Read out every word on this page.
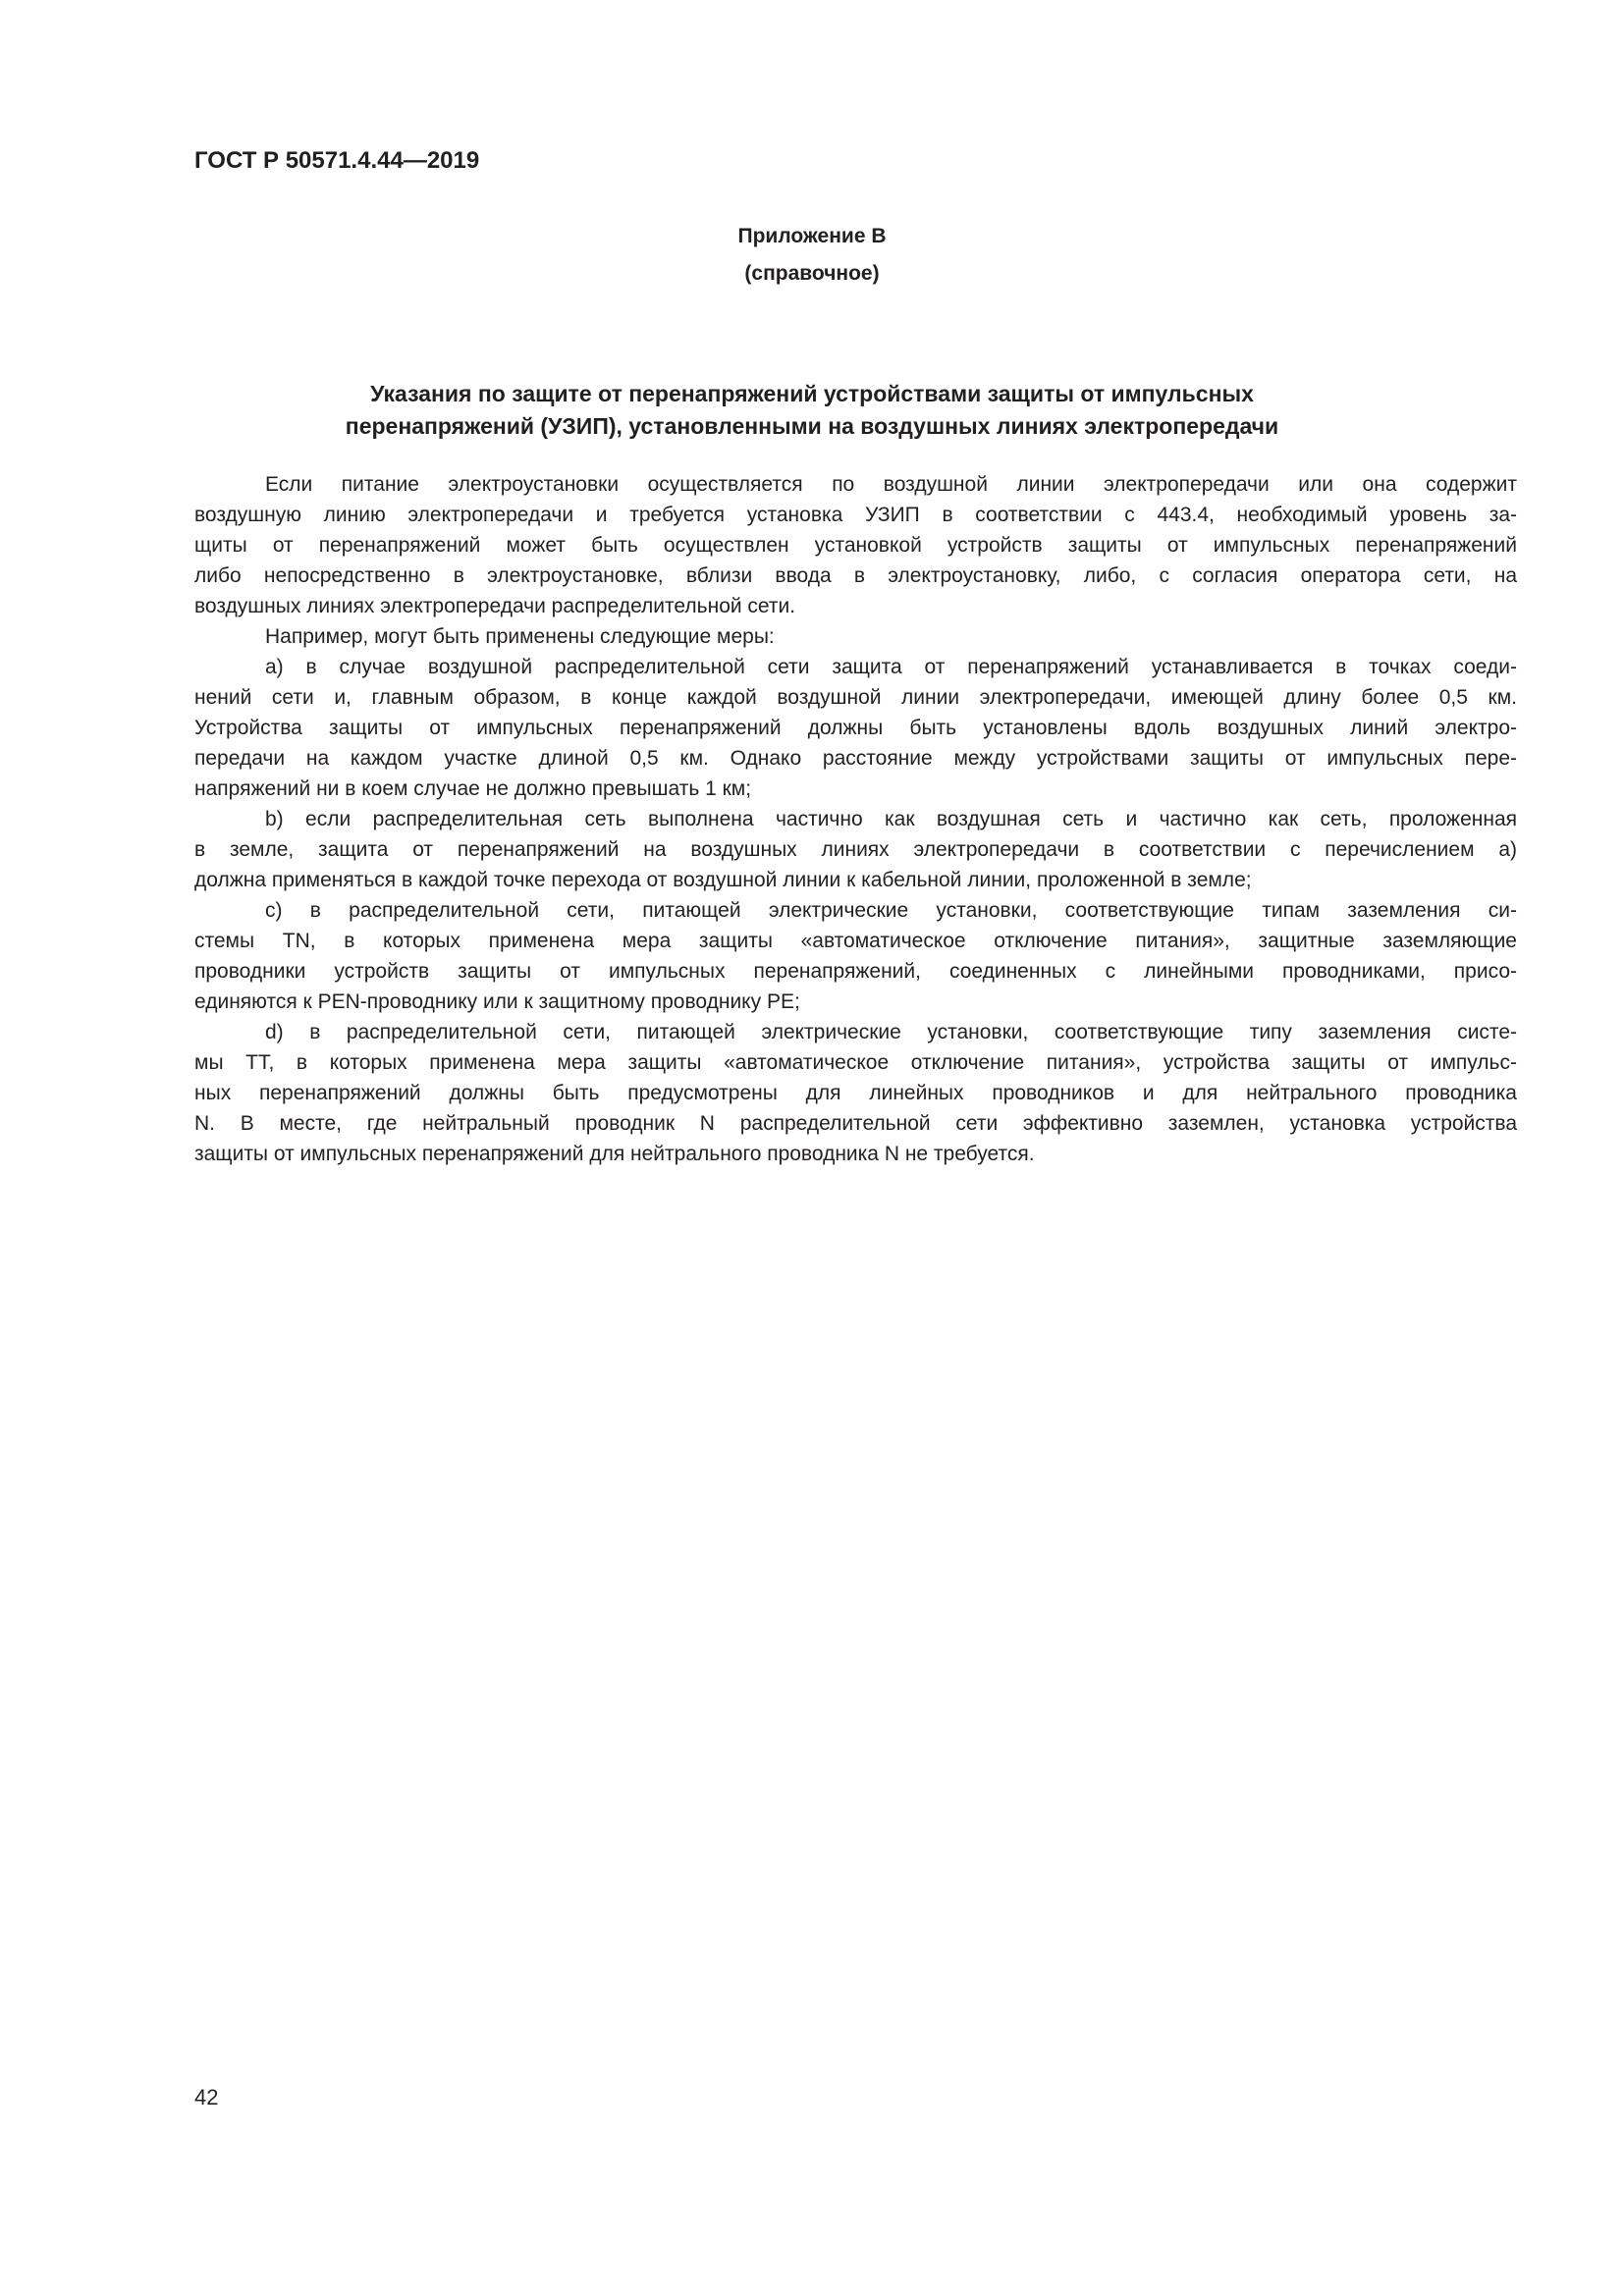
ГОСТ Р 50571.4.44—2019
Приложение В
(справочное)
Указания по защите от перенапряжений устройствами защиты от импульсных
перенапряжений (УЗИП), установленными на воздушных линиях электропередачи
Если питание электроустановки осуществляется по воздушной линии электропередачи или она содержит
воздушную линию электропередачи и требуется установка УЗИП в соответствии с 443.4, необходимый уровень за-
щиты от перенапряжений может быть осуществлен установкой устройств защиты от импульсных перенапряжений
либо непосредственно в электроустановке, вблизи ввода в электроустановку, либо, с согласия оператора сети, на
воздушных линиях электропередачи распределительной сети.
Например, могут быть применены следующие меры:
a) в случае воздушной распределительной сети защита от перенапряжений устанавливается в точках соеди-
нений сети и, главным образом, в конце каждой воздушной линии электропередачи, имеющей длину более 0,5 км.
Устройства защиты от импульсных перенапряжений должны быть установлены вдоль воздушных линий электро-
передачи на каждом участке длиной 0,5 км. Однако расстояние между устройствами защиты от импульсных пере-
напряжений ни в коем случае не должно превышать 1 км;
b) если распределительная сеть выполнена частично как воздушная сеть и частично как сеть, проложенная
в земле, защита от перенапряжений на воздушных линиях электропередачи в соответствии с перечислением а)
должна применяться в каждой точке перехода от воздушной линии к кабельной линии, проложенной в земле;
c) в распределительной сети, питающей электрические установки, соответствующие типам заземления си-
стемы TN, в которых применена мера защиты «автоматическое отключение питания», защитные заземляющие
проводники устройств защиты от импульсных перенапряжений, соединенных с линейными проводниками, присо-
единяются к PEN-проводнику или к защитному проводнику PE;
d) в распределительной сети, питающей электрические установки, соответствующие типу заземления систе-
мы TT, в которых применена мера защиты «автоматическое отключение питания», устройства защиты от импульс-
ных перенапряжений должны быть предусмотрены для линейных проводников и для нейтрального проводника
N. В месте, где нейтральный проводник N распределительной сети эффективно заземлен, установка устройства
защиты от импульсных перенапряжений для нейтрального проводника N не требуется.
42
